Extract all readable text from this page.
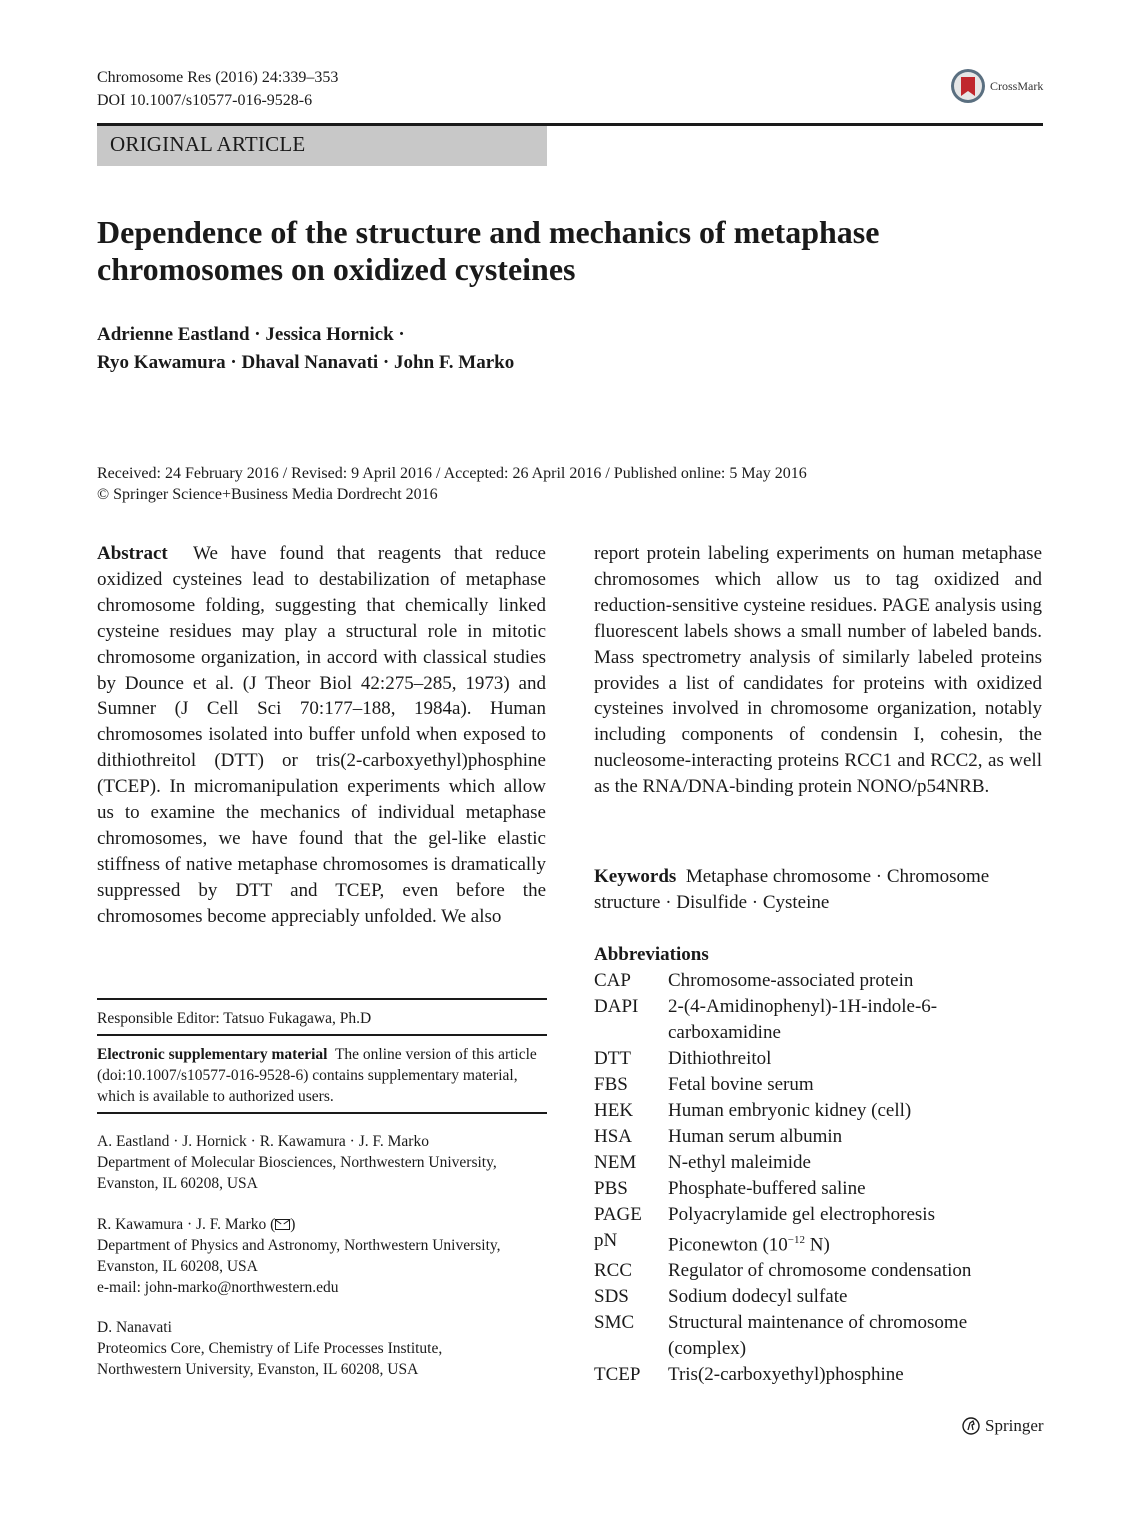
Chromosome Res (2016) 24:339–353
DOI 10.1007/s10577-016-9528-6
CrossMark
ORIGINAL ARTICLE
Dependence of the structure and mechanics of metaphase chromosomes on oxidized cysteines
Adrienne Eastland · Jessica Hornick ·
Ryo Kawamura · Dhaval Nanavati · John F. Marko
Received: 24 February 2016 / Revised: 9 April 2016 / Accepted: 26 April 2016 / Published online: 5 May 2016
© Springer Science+Business Media Dordrecht 2016
Abstract We have found that reagents that reduce oxidized cysteines lead to destabilization of metaphase chromosome folding, suggesting that chemically linked cysteine residues may play a structural role in mitotic chromosome organization, in accord with classical studies by Dounce et al. (J Theor Biol 42:275–285, 1973) and Sumner (J Cell Sci 70:177–188, 1984a). Human chromosomes isolated into buffer unfold when exposed to dithiothreitol (DTT) or tris(2-carboxyethyl)phosphine (TCEP). In micromanipulation experiments which allow us to examine the mechanics of individual metaphase chromosomes, we have found that the gel-like elastic stiffness of native metaphase chromosomes is dramatically suppressed by DTT and TCEP, even before the chromosomes become appreciably unfolded. We also
report protein labeling experiments on human metaphase chromosomes which allow us to tag oxidized and reduction-sensitive cysteine residues. PAGE analysis using fluorescent labels shows a small number of labeled bands. Mass spectrometry analysis of similarly labeled proteins provides a list of candidates for proteins with oxidized cysteines involved in chromosome organization, notably including components of condensin I, cohesin, the nucleosome-interacting proteins RCC1 and RCC2, as well as the RNA/DNA-binding protein NONO/p54NRB.
Keywords Metaphase chromosome · Chromosome structure · Disulfide · Cysteine
Abbreviations
CAP	Chromosome-associated protein
DAPI	2-(4-Amidinophenyl)-1H-indole-6-carboxamidine
DTT	Dithiothreitol
FBS	Fetal bovine serum
HEK	Human embryonic kidney (cell)
HSA	Human serum albumin
NEM	N-ethyl maleimide
PBS	Phosphate-buffered saline
PAGE	Polyacrylamide gel electrophoresis
pN	Piconewton ($10^{-12}$ N)
RCC	Regulator of chromosome condensation
SDS	Sodium dodecyl sulfate
SMC	Structural maintenance of chromosome (complex)
TCEP	Tris(2-carboxyethyl)phosphine
Responsible Editor: Tatsuo Fukagawa, Ph.D
Electronic supplementary material The online version of this article (doi:10.1007/s10577-016-9528-6) contains supplementary material, which is available to authorized users.

A. Eastland · J. Hornick · R. Kawamura · J. F. Marko

Department of Molecular Biosciences, Northwestern University,

Evanston, IL 60208, USA

R. Kawamura · J. F. Marko ( )

Department of Physics and Astronomy, Northwestern University,

Evanston, IL 60208, USA

e-mail: john-marko@northwestern.edu

D. Nanavati

Proteomics Core, Chemistry of Life Processes Institute,

Northwestern University, Evanston, IL 60208, USA

Springer
